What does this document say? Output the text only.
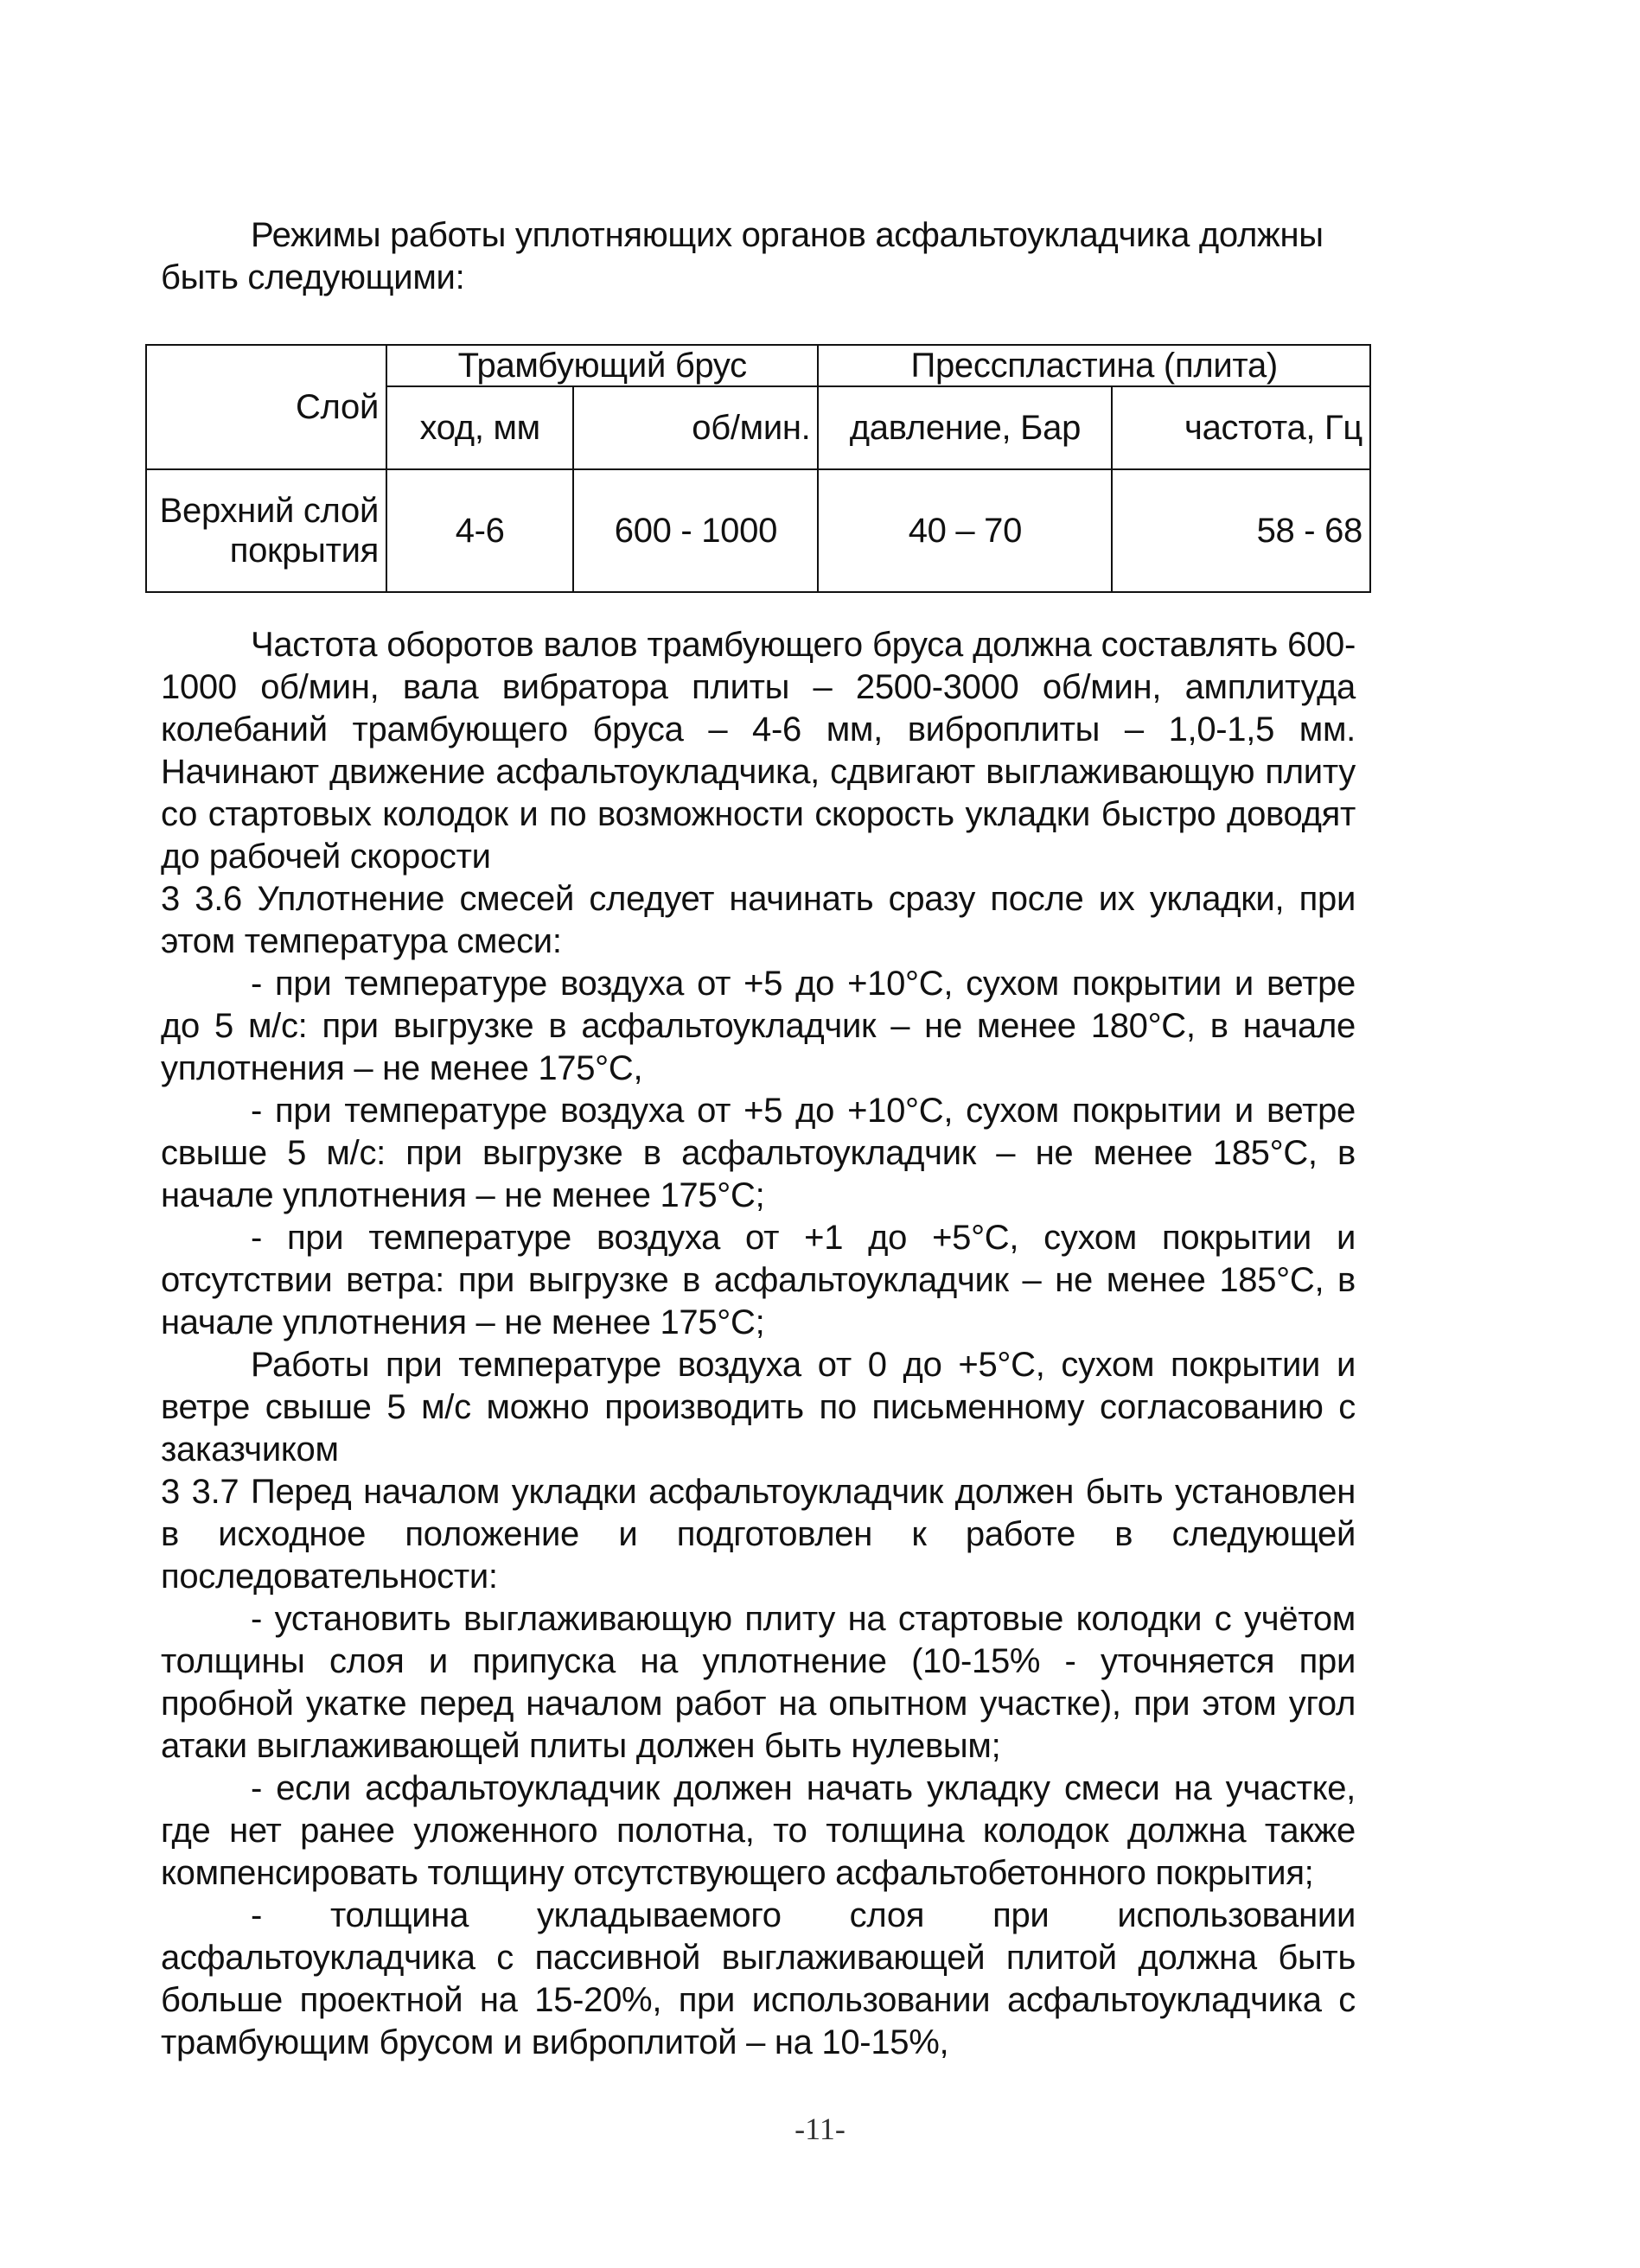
Режимы работы уплотняющих органов асфальтоукладчика должны быть следующими:

Слой	Трамбующий брус		Пресспластина (плита)	
	ход, мм	об/мин.	давление, Бар	частота, Гц
Верхний слой покрытия	4-6	600 - 1000	40 – 70	58 - 68

Частота оборотов валов трамбующего бруса должна составлять 600-1000 об/мин, вала вибратора плиты – 2500-3000 об/мин, амплитуда колебаний трамбующего бруса – 4-6 мм, виброплиты – 1,0-1,5 мм. Начинают движение асфальтоукладчика, сдвигают выглаживающую плиту со стартовых колодок и по возможности скорость укладки быстро доводят до рабочей скорости

3 3.6 Уплотнение смесей следует начинать сразу после их укладки, при этом температура смеси:

- при температуре воздуха от +5 до +10°С, сухом покрытии и ветре до 5 м/с: при выгрузке в асфальтоукладчик – не менее 180°С, в начале уплотнения – не менее 175°С,

- при температуре воздуха от +5 до +10°С, сухом покрытии и ветре свыше 5 м/с: при выгрузке в асфальтоукладчик – не менее 185°С, в начале уплотнения – не менее 175°С;

- при температуре воздуха от +1 до +5°С, сухом покрытии и отсутствии ветра: при выгрузке в асфальтоукладчик – не менее 185°С, в начале уплотнения – не менее 175°С;

Работы при температуре воздуха от 0 до +5°С, сухом покрытии и ветре свыше 5 м/с можно производить по письменному согласованию с заказчиком

3 3.7 Перед началом укладки асфальтоукладчик должен быть установлен в исходное положение и подготовлен к работе в следующей последовательности:

- установить выглаживающую плиту на стартовые колодки с учётом толщины слоя и припуска на уплотнение (10-15% - уточняется при пробной укатке перед началом работ на опытном участке), при этом угол атаки выглаживающей плиты должен быть нулевым;

- если асфальтоукладчик должен начать укладку смеси на участке, где нет ранее уложенного полотна, то толщина колодок должна также компенсировать толщину отсутствующего асфальтобетонного покрытия;

- толщина укладываемого слоя при использовании асфальтоукладчика с пассивной выглаживающей плитой должна быть больше проектной на 15-20%, при использовании асфальтоукладчика с трамбующим брусом и виброплитой – на 10-15%,

-11-
